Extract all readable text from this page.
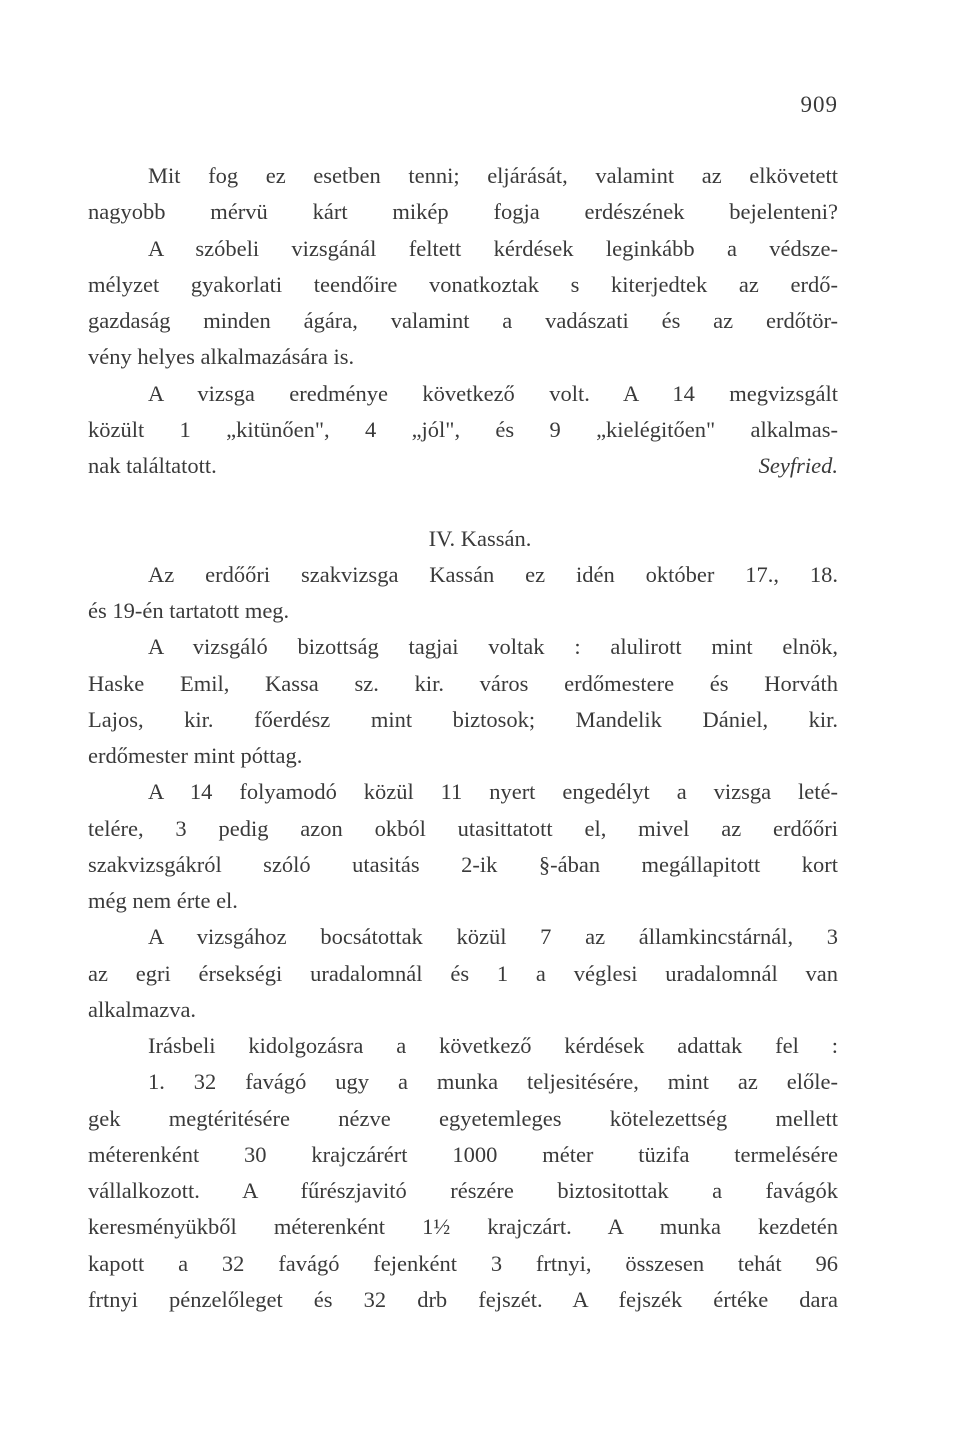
909
Mit fog ez esetben tenni; eljárását, valamint az elkövetett
nagyobb mérvü kárt mikép fogja erdészének bejelenteni?
A szóbeli vizsgánál feltett kérdések leginkább a védsze-
mélyzet gyakorlati teendőire vonatkoztak s kiterjedtek az erdő-
gazdaság minden ágára, valamint a vadászati és az erdőtör-
vény helyes alkalmazására is.
A vizsga eredménye következő volt. A 14 megvizsgált
közült 1 „kitünően", 4 „jól", és 9 „kielégitően" alkalmas-
nak találtatott.
IV. Kassán.
Az erdőőri szakvizsga Kassán ez idén október 17., 18.
és 19-én tartatott meg.
A vizsgáló bizottság tagjai voltak : alulirott mint elnök,
Haske Emil, Kassa sz. kir. város erdőmestere és Horváth
Lajos, kir. főerdész mint biztosok; Mandelik Dániel, kir.
erdőmester mint póttag.
A 14 folyamodó közül 11 nyert engedélyt a vizsga leté-
telére, 3 pedig azon okból utasittatott el, mivel az erdőőri
szakvizsgákról szóló utasitás 2-ik §-ában megállapitott kort
még nem érte el.
A vizsgához bocsátottak közül 7 az államkincstárnál, 3
az egri érsekségi uradalomnál és 1 a véglesi uradalomnál van
alkalmazva.
Irásbeli kidolgozásra a következő kérdések adattak fel :
1. 32 favágó ugy a munka teljesitésére, mint az előle-
gek megtéritésére nézve egyetemleges kötelezettség mellett
méterenként 30 krajczárért 1000 méter tüzifa termelésére
vállalkozott. A fűrészjavitó részére biztositottak a favágók
keresményükből méterenként 1½ krajczárt. A munka kezdetén
kapott a 32 favágó fejenként 3 frtnyi, összesen tehát 96
frtnyi pénzelőleget és 32 drb fejszét. A fejszék értéke dara
Seyfried.
